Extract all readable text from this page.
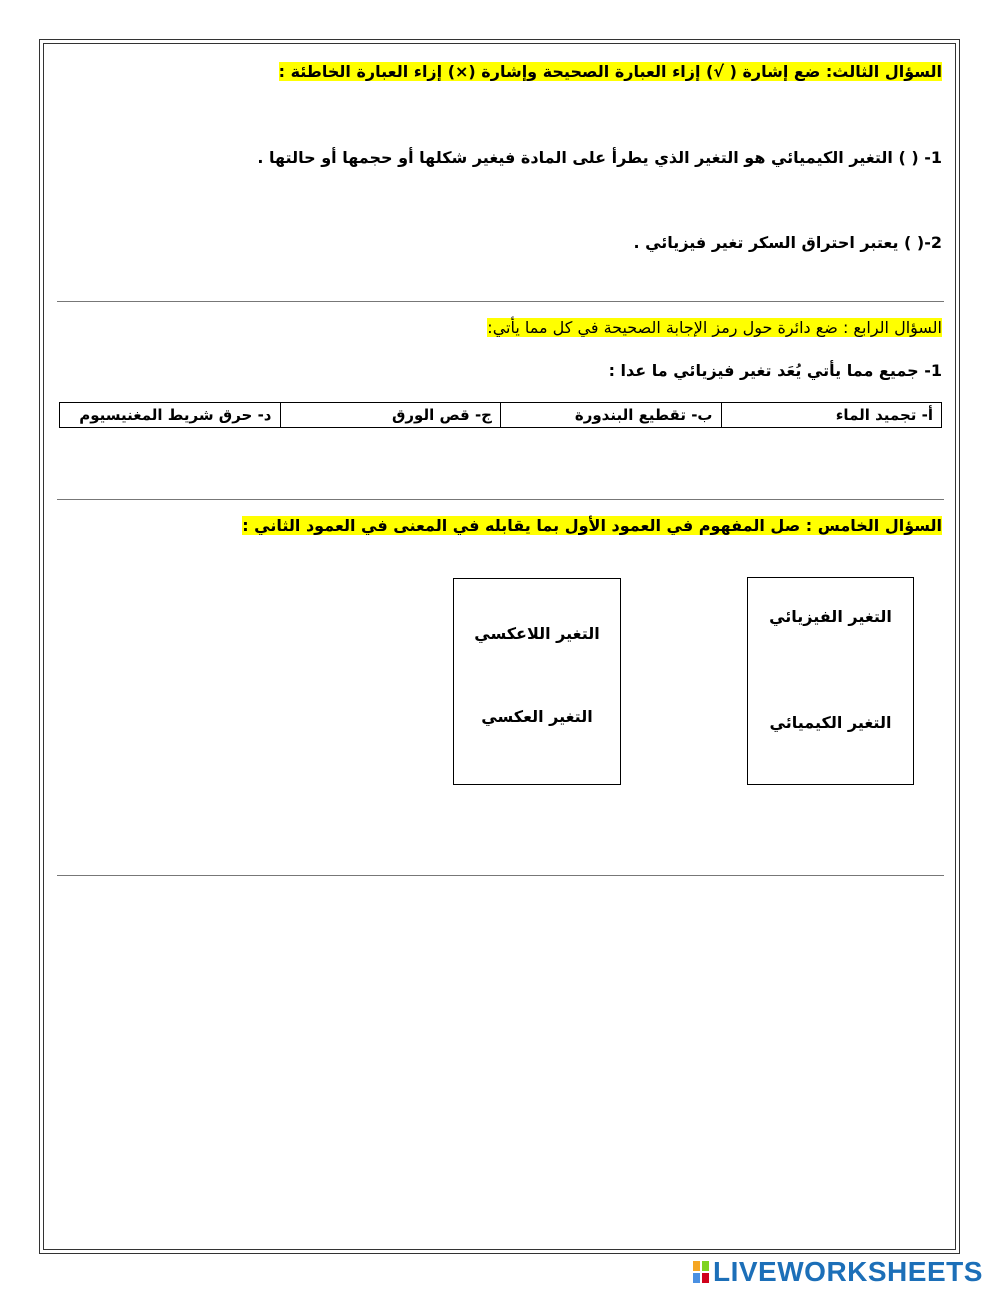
السؤال الثالث: ضع إشارة ( √) إزاء العبارة الصحيحة وإشارة (×) إزاء العبارة الخاطئة :
1- ( ) التغير الكيميائي هو التغير الذي يطرأ على المادة فيغير شكلها أو حجمها أو حالتها .
2-( ) يعتبر احتراق السكر تغير فيزيائي .
السؤال الرابع : ضع دائرة حول رمز الإجابة الصحيحة في كل مما يأتي:
1- جميع مما يأتي يُعَد تغير فيزيائي ما عدا :
أ- تجميد الماء
ب- تقطيع البندورة
ج- قص الورق
د- حرق شريط المغنيسيوم
السؤال الخامس : صل المفهوم في العمود الأول بما يقابله في المعنى في العمود الثاني :
التغير الفيزيائي
التغير الكيميائي
التغير اللاعكسي
التغير العكسي
LIVEWORKSHEETS
